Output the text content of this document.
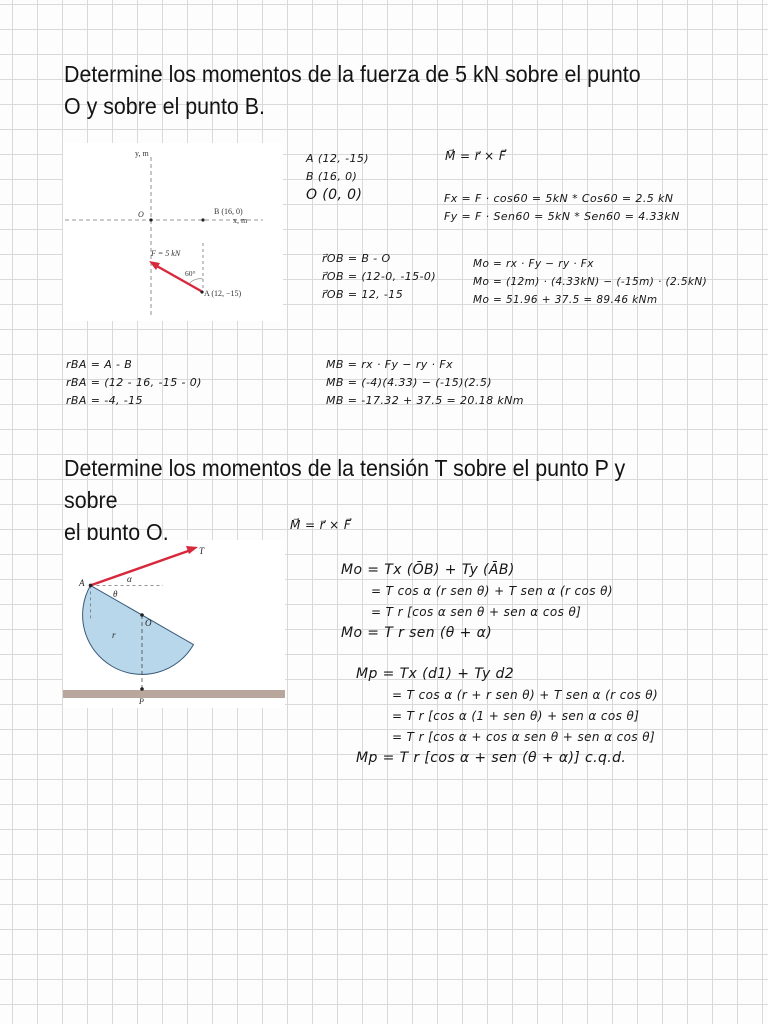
Determine los momentos de la fuerza de 5 kN sobre el punto
O y sobre el punto B.
y, m
x, m
O	B (16, 0)
A (12, −15)
F = 5 kN
60°
A (12, -15)
B (16, 0)
O (0, 0)
M⃗ = r⃗ × F⃗
Fx = F · cos60 = 5kN * Cos60 = 2.5 kN
Fy = F · Sen60 = 5kN * Sen60 = 4.33kN
r⃗OB = B - O
r⃗OB = (12-0, -15-0)
r⃗OB = 12, -15
Mo = rx · Fy − ry · Fx
Mo = (12m) · (4.33kN) − (-15m) · (2.5kN)
Mo = 51.96 + 37.5 = 89.46 kNm
rBA = A - B
rBA = (12 - 16, -15 - 0)
rBA = -4, -15
MB = rx · Fy − ry · Fx
MB = (-4)(4.33) − (-15)(2.5)
MB = -17.32 + 37.5 = 20.18 kNm
Determine los momentos de la tensión T sobre el punto P y sobre
el punto O.	M⃗ = r⃗ × F⃗
A
O
P
T
α
θ
r
Mo = Tx (ŌB) + Ty (ĀB)
= T cos α (r sen θ) + T sen α (r cos θ)
= T r [cos α sen θ + sen α cos θ]
Mo = T r sen (θ + α)
Mp = Tx (d1) + Ty d2
= T cos α (r + r sen θ) + T sen α (r cos θ)
= T r [cos α (1 + sen θ) + sen α cos θ]
= T r [cos α + cos α sen θ + sen α cos θ]
Mp = T r [cos α + sen (θ + α)] c.q.d.
